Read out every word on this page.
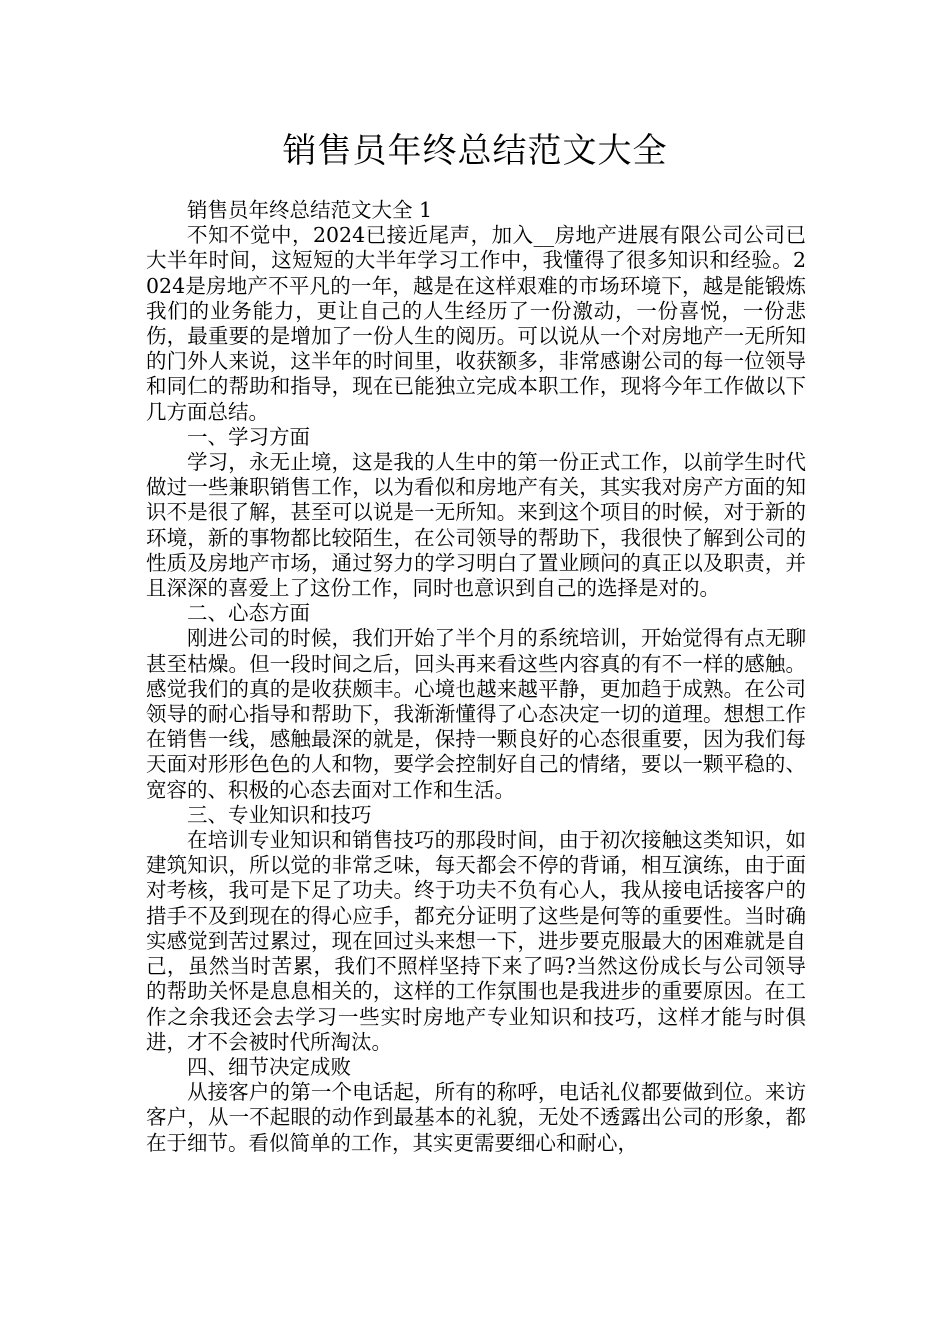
销售员年终总结范文大全

销售员年终总结范文大全 1

不知不觉中，2024已接近尾声，加入__房地产进展有限公司公司已大半年时间，这短短的大半年学习工作中，我懂得了很多知识和经验。2024是房地产不平凡的一年，越是在这样艰难的市场环境下，越是能锻炼我们的业务能力，更让自己的人生经历了一份激动，一份喜悦，一份悲伤，最重要的是增加了一份人生的阅历。可以说从一个对房地产一无所知的门外人来说，这半年的时间里，收获额多，非常感谢公司的每一位领导和同仁的帮助和指导，现在已能独立完成本职工作，现将今年工作做以下几方面总结。

一、学习方面

学习，永无止境，这是我的人生中的第一份正式工作，以前学生时代做过一些兼职销售工作，以为看似和房地产有关，其实我对房产方面的知识不是很了解，甚至可以说是一无所知。来到这个项目的时候，对于新的环境，新的事物都比较陌生，在公司领导的帮助下，我很快了解到公司的性质及房地产市场，通过努力的学习明白了置业顾问的真正以及职责，并且深深的喜爱上了这份工作，同时也意识到自己的选择是对的。

二、心态方面

刚进公司的时候，我们开始了半个月的系统培训，开始觉得有点无聊甚至枯燥。但一段时间之后，回头再来看这些内容真的有不一样的感触。感觉我们的真的是收获颇丰。心境也越来越平静，更加趋于成熟。在公司领导的耐心指导和帮助下，我渐渐懂得了心态决定一切的道理。想想工作在销售一线，感触最深的就是，保持一颗良好的心态很重要，因为我们每天面对形形色色的人和物，要学会控制好自己的情绪，要以一颗平稳的、宽容的、积极的心态去面对工作和生活。

三、专业知识和技巧

在培训专业知识和销售技巧的那段时间，由于初次接触这类知识，如建筑知识，所以觉的非常乏味，每天都会不停的背诵，相互演练，由于面对考核，我可是下足了功夫。终于功夫不负有心人，我从接电话接客户的措手不及到现在的得心应手，都充分证明了这些是何等的重要性。当时确实感觉到苦过累过，现在回过头来想一下，进步要克服最大的困难就是自己，虽然当时苦累，我们不照样坚持下来了吗?当然这份成长与公司领导的帮助关怀是息息相关的，这样的工作氛围也是我进步的重要原因。在工作之余我还会去学习一些实时房地产专业知识和技巧，这样才能与时俱进，才不会被时代所淘汰。

四、细节决定成败

从接客户的第一个电话起，所有的称呼，电话礼仪都要做到位。来访客户，从一不起眼的动作到最基本的礼貌，无处不透露出公司的形象，都在于细节。看似简单的工作，其实更需要细心和耐心，
